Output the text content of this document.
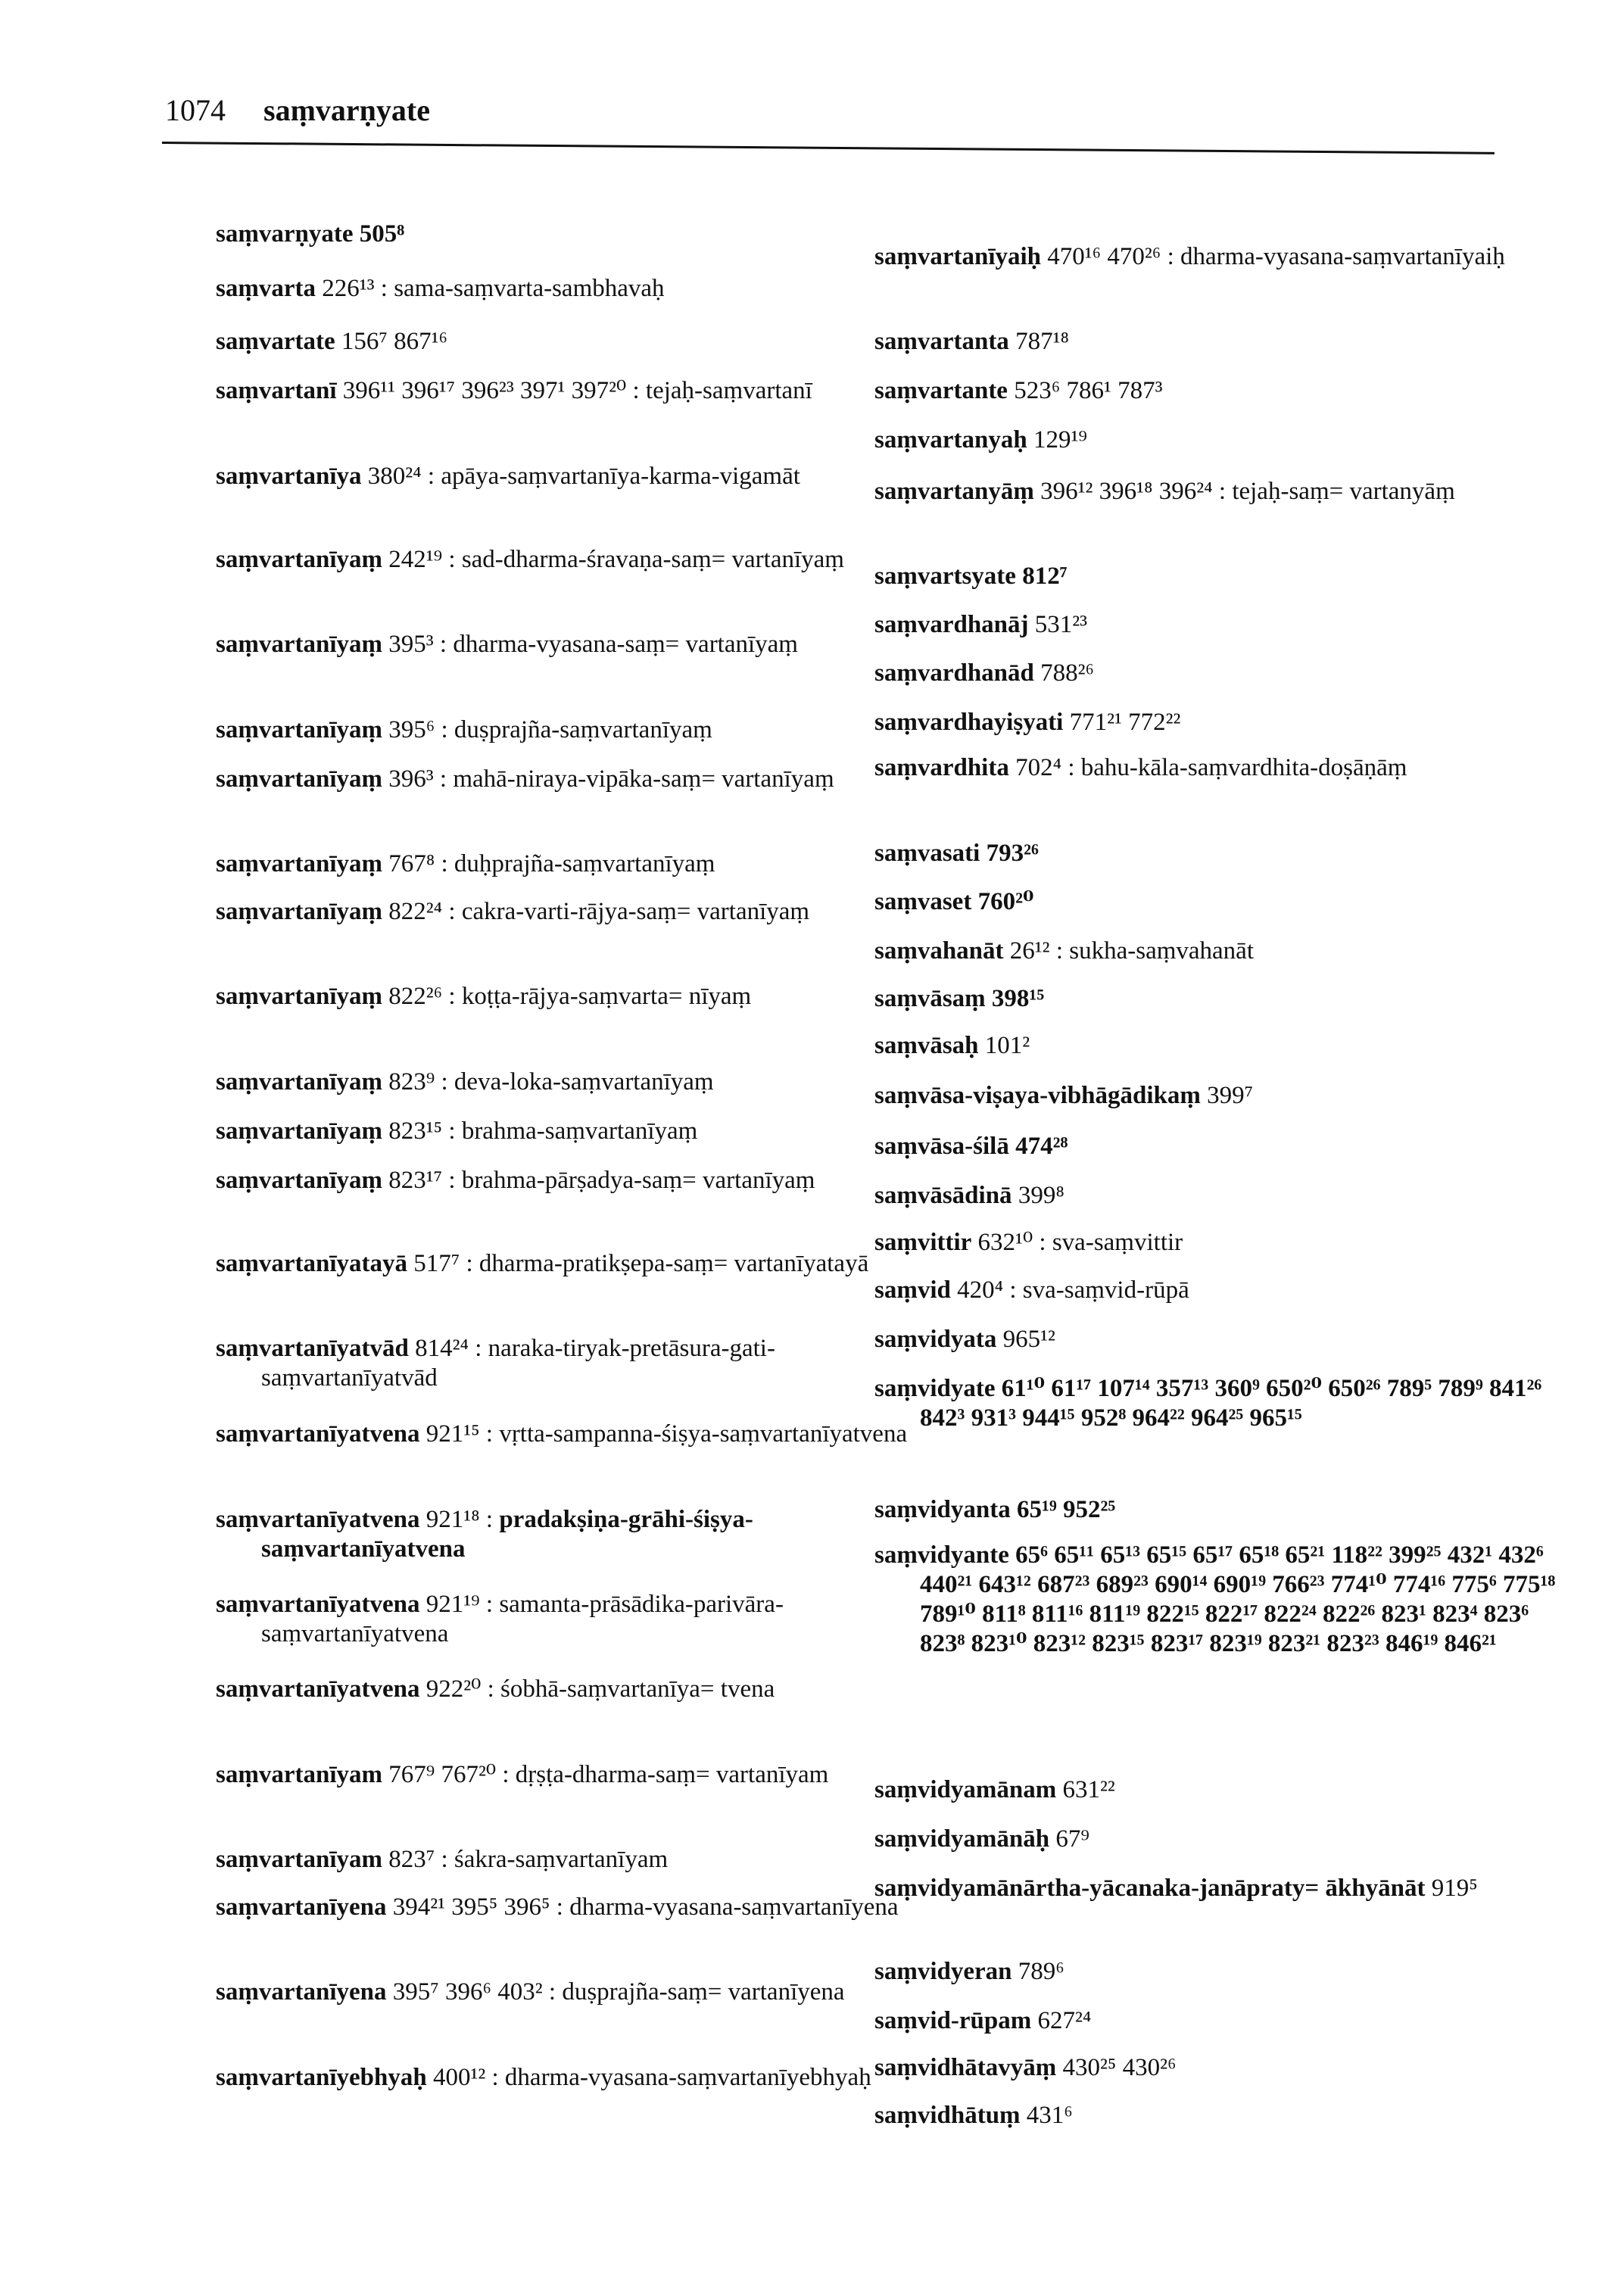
1074 saṃvarṇyate
saṃvarṇyate 505⁸
saṃvarta 226¹³ : sama-saṃvarta-sambhavaḥ
saṃvartate 156⁷ 867¹⁶
saṃvartanī 396¹¹ 396¹⁷ 396²³ 397¹ 397²⁰ : tejaḥ-saṃvartanī
saṃvartanīya 380²⁴ : apāya-saṃvartanīya-karma-vigamāt
saṃvartanīyaṃ 242¹⁹ : sad-dharma-śravaṇa-saṃ= vartanīyaṃ
saṃvartanīyaṃ 395³ : dharma-vyasana-saṃ= vartanīyaṃ
saṃvartanīyaṃ 395⁶ : duṣprajña-saṃvartanīyaṃ
saṃvartanīyaṃ 396³ : mahā-niraya-vipāka-saṃ= vartanīyaṃ
saṃvartanīyaṃ 767⁸ : duḥprajña-saṃvartanīyaṃ
saṃvartanīyaṃ 822²⁴ : cakra-varti-rājya-saṃ= vartanīyaṃ
saṃvartanīyaṃ 822²⁶ : koṭṭa-rājya-saṃvarta= nīyaṃ
saṃvartanīyaṃ 823⁹ : deva-loka-saṃvartanīyaṃ
saṃvartanīyaṃ 823¹⁵ : brahma-saṃvartanīyaṃ
saṃvartanīyaṃ 823¹⁷ : brahma-pārṣadya-saṃ= vartanīyaṃ
saṃvartanīyatayā 517⁷ : dharma-pratikṣepa-saṃ= vartanīyatayā
saṃvartanīyatvād 814²⁴ : naraka-tiryak-pretāsura-gati-saṃvartanīyatvād
saṃvartanīyatvena 921¹⁵ : vṛtta-sampanna-śiṣya-saṃvartanīyatvena
saṃvartanīyatvena 921¹⁸ : pradakṣiṇa-grāhi-śiṣya-saṃvartanīyatvena
saṃvartanīyatvena 921¹⁹ : samanta-prāsādika-parivāra-saṃvartanīyatvena
saṃvartanīyatvena 922²⁰ : śobhā-saṃvartanīya= tvena
saṃvartanīyam 767⁹ 767²⁰ : dṛṣṭa-dharma-saṃ= vartanīyam
saṃvartanīyam 823⁷ : śakra-saṃvartanīyam
saṃvartanīyena 394²¹ 395⁵ 396⁵ : dharma-vyasana-saṃvartanīyena
saṃvartanīyena 395⁷ 396⁶ 403² : duṣprajña-saṃ= vartanīyena
saṃvartanīyebhyaḥ 400¹² : dharma-vyasana-saṃvartanīyebhyaḥ
saṃvartanīyaiḥ 470¹⁶ 470²⁶ : dharma-vyasana-saṃvartanīyaiḥ
saṃvartanta 787¹⁸
saṃvartante 523⁶ 786¹ 787³
saṃvartanyaḥ 129¹⁹
saṃvartanyāṃ 396¹² 396¹⁸ 396²⁴ : tejaḥ-saṃ= vartanyāṃ
saṃvartsyate 812⁷
saṃvardhanāj 531²³
saṃvardhanād 788²⁶
saṃvardhayiṣyati 771²¹ 772²²
saṃvardhita 702⁴ : bahu-kāla-saṃvardhita-doṣāṇāṃ
saṃvasati 793²⁶
saṃvaset 760²⁰
saṃvahanāt 26¹² : sukha-saṃvahanāt
saṃvāsaṃ 398¹⁵
saṃvāsaḥ 101²
saṃvāsa-viṣaya-vibhāgādikaṃ 399⁷
saṃvāsa-śilā 474²⁸
saṃvāsādinā 399⁸
saṃvittir 632¹⁰ : sva-saṃvittir
saṃvid 420⁴ : sva-saṃvid-rūpā
saṃvidyata 965¹²
saṃvidyate 61¹⁰ 61¹⁷ 107¹⁴ 357¹³ 360⁹ 650²⁰ 650²⁶ 789⁵ 789⁹ 841²⁶ 842³ 931³ 944¹⁵ 952⁸ 964²² 964²⁵ 965¹⁵
saṃvidyanta 65¹⁹ 952²⁵
saṃvidyante 65⁶ 65¹¹ 65¹³ 65¹⁵ 65¹⁷ 65¹⁸ 65²¹ 118²² 399²⁵ 432¹ 432⁶ 440²¹ 643¹² 687²³ 689²³ 690¹⁴ 690¹⁹ 766²³ 774¹⁰ 774¹⁶ 775⁶ 775¹⁸ 789¹⁰ 811⁸ 811¹⁶ 811¹⁹ 822¹⁵ 822¹⁷ 822²⁴ 822²⁶ 823¹ 823⁴ 823⁶ 823⁸ 823¹⁰ 823¹² 823¹⁵ 823¹⁷ 823¹⁹ 823²¹ 823²³ 846¹⁹ 846²¹
saṃvidyamānam 631²²
saṃvidyamānāḥ 67⁹
saṃvidyamānārtha-yācanaka-janāpraty= ākhyānāt 919⁵
saṃvidyeran 789⁶
saṃvid-rūpam 627²⁴
saṃvidhātavyāṃ 430²⁵ 430²⁶
saṃvidhātuṃ 431⁶
